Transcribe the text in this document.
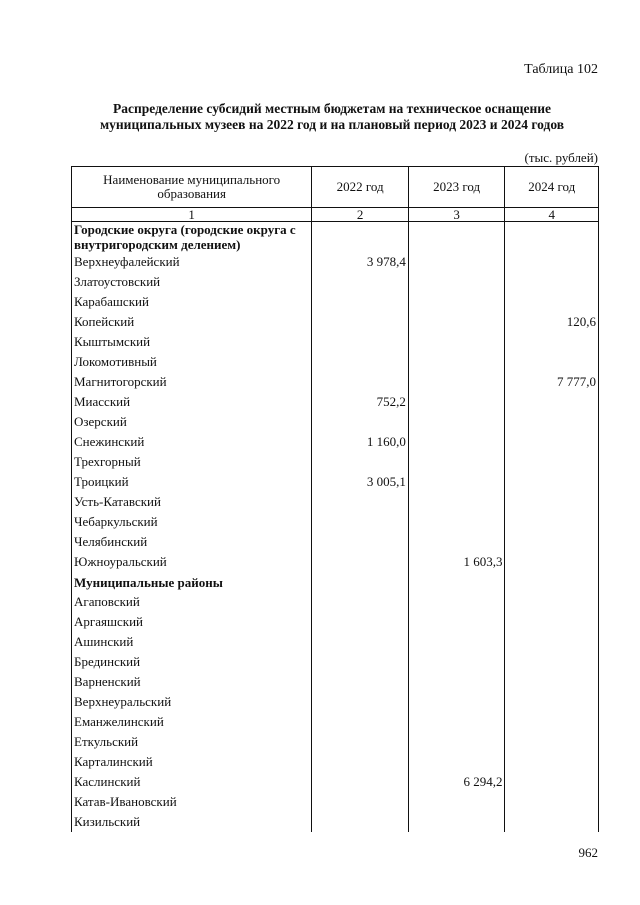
Таблица 102
Распределение субсидий местным бюджетам на техническое оснащение
муниципальных музеев на 2022 год и на плановый период 2023 и 2024 годов
(тыс. рублей)
Наименование муниципального образования	2022 год	2023 год	2024 год
1	2	3	4
Городские округа (городские округа с внутригородским делением)			
Верхнеуфалейский	3 978,4		
Златоустовский			
Карабашский			
Копейский			120,6
Кыштымский			
Локомотивный			
Магнитогорский			7 777,0
Миасский	752,2		
Озерский			
Снежинский	1 160,0		
Трехгорный			
Троицкий	3 005,1		
Усть-Катавский			
Чебаркульский			
Челябинский			
Южноуральский		1 603,3	
Муниципальные районы			
Агаповский			
Аргаяшский			
Ашинский			
Брединский			
Варненский			
Верхнеуральский			
Еманжелинский			
Еткульский			
Карталинский			
Каслинский		6 294,2	
Катав-Ивановский			
Кизильский			
962
